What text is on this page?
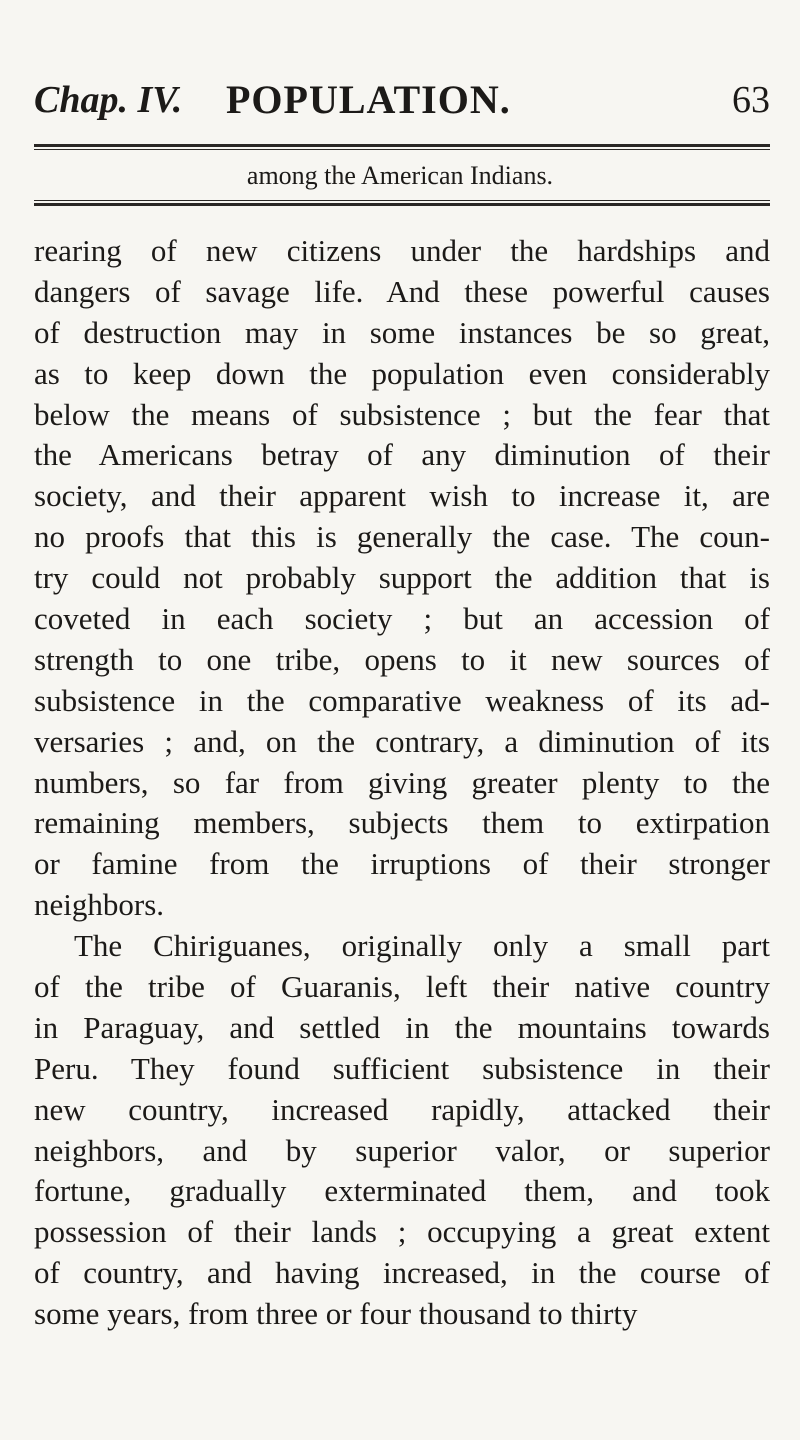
Chap. IV. POPULATION.	63
among the American Indians.
rearing of new citizens under the hardships and
dangers of savage life. And these powerful causes
of destruction may in some instances be so great,
as to keep down the population even considerably
below the means of subsistence ; but the fear that
the Americans betray of any diminution of their
society, and their apparent wish to increase it, are
no proofs that this is generally the case. The coun-
try could not probably support the addition that is
coveted in each society ; but an accession of
strength to one tribe, opens to it new sources of
subsistence in the comparative weakness of its ad-
versaries ; and, on the contrary, a diminution of its
numbers, so far from giving greater plenty to the
remaining members, subjects them to extirpation
or famine from the irruptions of their stronger
neighbors.
The Chiriguanes, originally only a small part
of the tribe of Guaranis, left their native country
in Paraguay, and settled in the mountains towards
Peru. They found sufficient subsistence in their
new country, increased rapidly, attacked their
neighbors, and by superior valor, or superior
fortune, gradually exterminated them, and took
possession of their lands ; occupying a great extent
of country, and having increased, in the course of
some years, from three or four thousand to thirty
